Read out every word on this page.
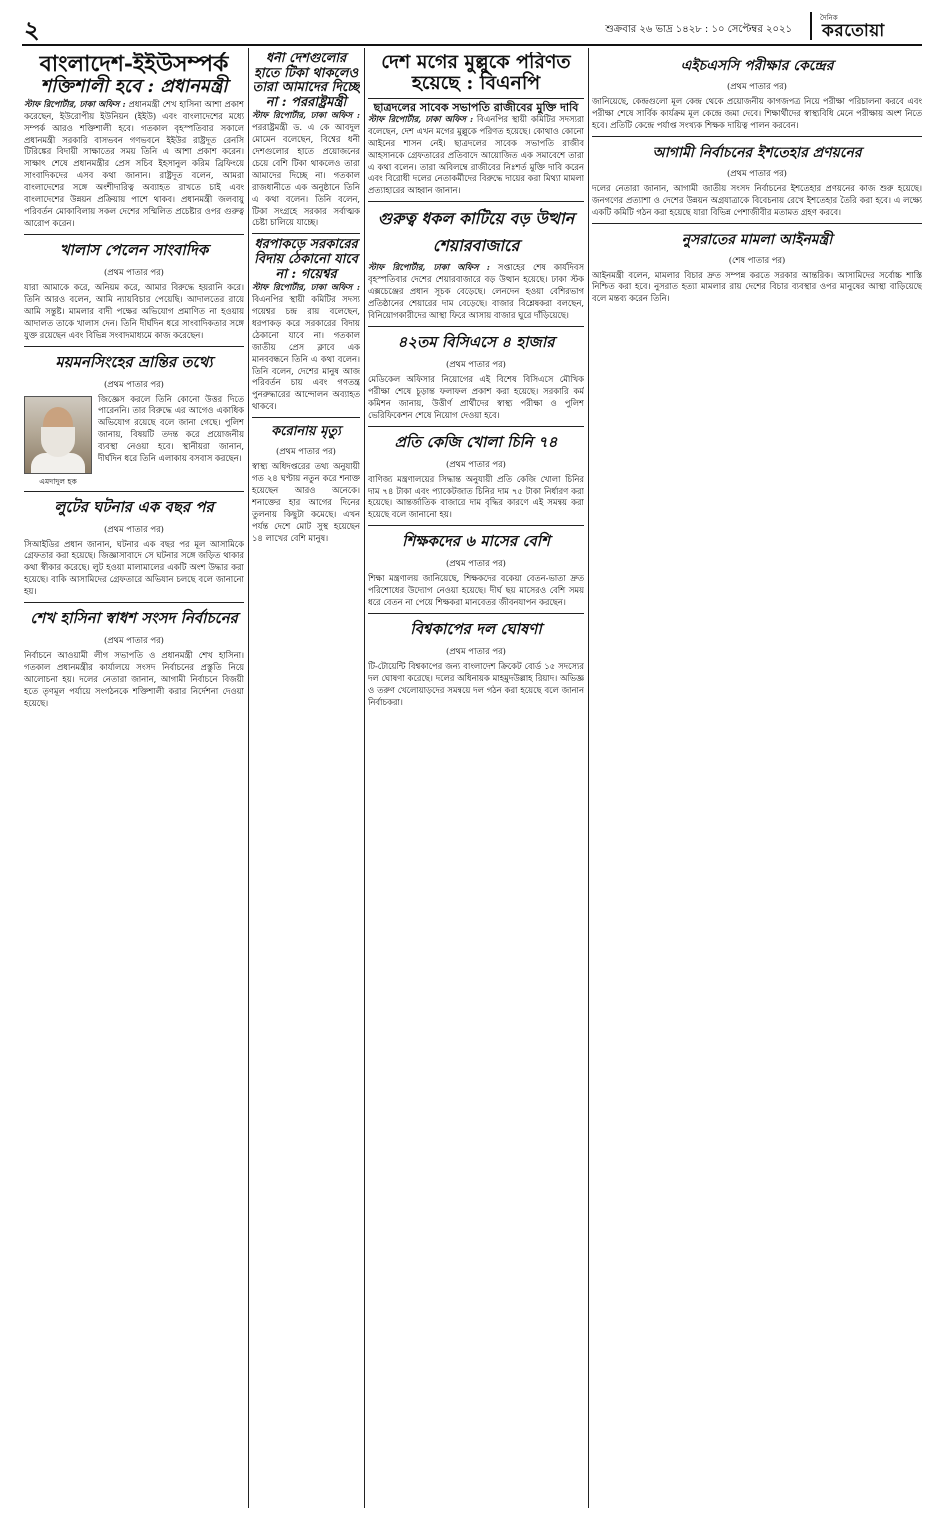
২	শুক্রবার ২৬ ভাদ্র ১৪২৮ : ১০ সেপ্টেম্বর ২০২১
দৈনিক
করতোয়া
বাংলাদেশ-ইইউসম্পর্ক
শক্তিশালী হবে : প্রধানমন্ত্রী

স্টাফ রিপোর্টার, ঢাকা অফিস : প্রধানমন্ত্রী শেখ হাসিনা আশা প্রকাশ করেছেন, ইউরোপীয় ইউনিয়ন (ইইউ) এবং বাংলাদেশের মধ্যে সম্পর্ক আরও শক্তিশালী হবে। গতকাল বৃহস্পতিবার সকালে প্রধানমন্ত্রী সরকারি বাসভবন গণভবনে ইইউর রাষ্ট্রদূত রেনসি টিরিঙ্কের বিদায়ী সাক্ষাতের সময় তিনি এ আশা প্রকাশ করেন। সাক্ষাৎ শেষে প্রধানমন্ত্রীর প্রেস সচিব ইহসানুল করিম ব্রিফিংয়ে সাংবাদিকদের এসব কথা জানান। রাষ্ট্রদূত বলেন, আমরা বাংলাদেশের সঙ্গে অংশীদারিত্ব অব্যাহত রাখতে চাই এবং বাংলাদেশের উন্নয়ন প্রক্রিয়ায় পাশে থাকব। প্রধানমন্ত্রী জলবায়ু পরিবর্তন মোকাবিলায় সকল দেশের সম্মিলিত প্রচেষ্টার ওপর গুরুত্ব আরোপ করেন।

খালাস পেলেন সাংবাদিক
(প্রথম পাতার পর)

যারা আমাকে করে, অনিয়ম করে, আমার বিরুদ্ধে হয়রানি করে। তিনি আরও বলেন, আমি ন্যায়বিচার পেয়েছি। আদালতের রায়ে আমি সন্তুষ্ট। মামলার বাদী পক্ষের অভিযোগ প্রমাণিত না হওয়ায় আদালত তাকে খালাস দেন। তিনি দীর্ঘদিন ধরে সাংবাদিকতার সঙ্গে যুক্ত রয়েছেন এবং বিভিন্ন সংবাদমাধ্যমে কাজ করেছেন।

ময়মনসিংহের ভ্রান্তির তথ্যে
(প্রথম পাতার পর)
এমদাদুল হক

জিজ্ঞেস করলে তিনি কোনো উত্তর দিতে পারেননি। তার বিরুদ্ধে এর আগেও একাধিক অভিযোগ রয়েছে বলে জানা গেছে। পুলিশ জানায়, বিষয়টি তদন্ত করে প্রয়োজনীয় ব্যবস্থা নেওয়া হবে। স্থানীয়রা জানান, দীর্ঘদিন ধরে তিনি এলাকায় বসবাস করছেন।

লুটের ঘটনার এক বছর পর
(প্রথম পাতার পর)

সিআইডির প্রধান জানান, ঘটনার এক বছর পর মূল আসামিকে গ্রেফতার করা হয়েছে। জিজ্ঞাসাবাদে সে ঘটনার সঙ্গে জড়িত থাকার কথা স্বীকার করেছে। লুট হওয়া মালামালের একটি অংশ উদ্ধার করা হয়েছে। বাকি আসামিদের গ্রেফতারে অভিযান চলছে বলে জানানো হয়।

শেখ হাসিনা স্বাধশ সংসদ নির্বাচনের
(প্রথম পাতার পর)

নির্বাচনে আওয়ামী লীগ সভাপতি ও প্রধানমন্ত্রী শেখ হাসিনা। গতকাল প্রধানমন্ত্রীর কার্যালয়ে সংসদ নির্বাচনের প্রস্তুতি নিয়ে আলোচনা হয়। দলের নেতারা জানান, আগামী নির্বাচনে বিজয়ী হতে তৃণমূল পর্যায়ে সংগঠনকে শক্তিশালী করার নির্দেশনা দেওয়া হয়েছে।

ধনী দেশগুলোর হাতে টিকা থাকলেও তারা আমাদের দিচ্ছে না : পররাষ্ট্রমন্ত্রী

স্টাফ রিপোর্টার, ঢাকা অফিস : পররাষ্ট্রমন্ত্রী ড. এ কে আবদুল মোমেন বলেছেন, বিশ্বের ধনী দেশগুলোর হাতে প্রয়োজনের চেয়ে বেশি টিকা থাকলেও তারা আমাদের দিচ্ছে না। গতকাল রাজধানীতে এক অনুষ্ঠানে তিনি এ কথা বলেন। তিনি বলেন, টিকা সংগ্রহে সরকার সর্বাত্মক চেষ্টা চালিয়ে যাচ্ছে।

ধরপাকড়ে সরকারের বিদায় ঠেকানো যাবে না : গয়েশ্বর

স্টাফ রিপোর্টার, ঢাকা অফিস : বিএনপির স্থায়ী কমিটির সদস্য গয়েশ্বর চন্দ্র রায় বলেছেন, ধরপাকড় করে সরকারের বিদায় ঠেকানো যাবে না। গতকাল জাতীয় প্রেস ক্লাবে এক মানববন্ধনে তিনি এ কথা বলেন। তিনি বলেন, দেশের মানুষ আজ পরিবর্তন চায় এবং গণতন্ত্র পুনরুদ্ধারের আন্দোলন অব্যাহত থাকবে।

করোনায় মৃত্যু
(প্রথম পাতার পর)

স্বাস্থ্য অধিদপ্তরের তথ্য অনুযায়ী গত ২৪ ঘণ্টায় নতুন করে শনাক্ত হয়েছেন আরও অনেকে। শনাক্তের হার আগের দিনের তুলনায় কিছুটা কমেছে। এখন পর্যন্ত দেশে মোট সুস্থ হয়েছেন ১৪ লাখের বেশি মানুষ।

দেশ মগের মুল্লুকে পরিণত হয়েছে : বিএনপি
ছাত্রদলের সাবেক সভাপতি রাজীবের মুক্তি দাবি

স্টাফ রিপোর্টার, ঢাকা অফিস : বিএনপির স্থায়ী কমিটির সদস্যরা বলেছেন, দেশ এখন মগের মুল্লুকে পরিণত হয়েছে। কোথাও কোনো আইনের শাসন নেই। ছাত্রদলের সাবেক সভাপতি রাজীব আহসানকে গ্রেফতারের প্রতিবাদে আয়োজিত এক সমাবেশে তারা এ কথা বলেন। তারা অবিলম্বে রাজীবের নিঃশর্ত মুক্তি দাবি করেন এবং বিরোধী দলের নেতাকর্মীদের বিরুদ্ধে দায়ের করা মিথ্যা মামলা প্রত্যাহারের আহ্বান জানান।

গুরুত্ব ধকল কাটিয়ে বড় উত্থান শেয়ারবাজারে

স্টাফ রিপোর্টার, ঢাকা অফিস : সপ্তাহের শেষ কার্যদিবস বৃহস্পতিবার দেশের শেয়ারবাজারে বড় উত্থান হয়েছে। ঢাকা স্টক এক্সচেঞ্জের প্রধান সূচক বেড়েছে। লেনদেন হওয়া বেশিরভাগ প্রতিষ্ঠানের শেয়ারের দাম বেড়েছে। বাজার বিশ্লেষকরা বলছেন, বিনিয়োগকারীদের আস্থা ফিরে আসায় বাজার ঘুরে দাঁড়িয়েছে।

৪২তম বিসিএসে ৪ হাজার
(প্রথম পাতার পর)

মেডিকেল অফিসার নিয়োগের এই বিশেষ বিসিএসে মৌখিক পরীক্ষা শেষে চূড়ান্ত ফলাফল প্রকাশ করা হয়েছে। সরকারি কর্ম কমিশন জানায়, উত্তীর্ণ প্রার্থীদের স্বাস্থ্য পরীক্ষা ও পুলিশ ভেরিফিকেশন শেষে নিয়োগ দেওয়া হবে।

প্রতি কেজি খোলা চিনি ৭৪
(প্রথম পাতার পর)

বাণিজ্য মন্ত্রণালয়ের সিদ্ধান্ত অনুযায়ী প্রতি কেজি খোলা চিনির দাম ৭৪ টাকা এবং প্যাকেটজাত চিনির দাম ৭৫ টাকা নির্ধারণ করা হয়েছে। আন্তর্জাতিক বাজারে দাম বৃদ্ধির কারণে এই সমন্বয় করা হয়েছে বলে জানানো হয়।

শিক্ষকদের ৬ মাসের বেশি
(প্রথম পাতার পর)

শিক্ষা মন্ত্রণালয় জানিয়েছে, শিক্ষকদের বকেয়া বেতন-ভাতা দ্রুত পরিশোধের উদ্যোগ নেওয়া হয়েছে। দীর্ঘ ছয় মাসেরও বেশি সময় ধরে বেতন না পেয়ে শিক্ষকরা মানবেতর জীবনযাপন করছেন।

বিশ্বকাপের দল ঘোষণা
(প্রথম পাতার পর)

টি-টোয়েন্টি বিশ্বকাপের জন্য বাংলাদেশ ক্রিকেট বোর্ড ১৫ সদস্যের দল ঘোষণা করেছে। দলের অধিনায়ক মাহমুদউল্লাহ রিয়াদ। অভিজ্ঞ ও তরুণ খেলোয়াড়দের সমন্বয়ে দল গঠন করা হয়েছে বলে জানান নির্বাচকরা।

এইচএসসি পরীক্ষার কেন্দ্রের
(প্রথম পাতার পর)

জানিয়েছে, কেন্দ্রগুলো মূল কেন্দ্র থেকে প্রয়োজনীয় কাগজপত্র নিয়ে পরীক্ষা পরিচালনা করবে এবং পরীক্ষা শেষে সার্বিক কার্যক্রম মূল কেন্দ্রে জমা দেবে। শিক্ষার্থীদের স্বাস্থ্যবিধি মেনে পরীক্ষায় অংশ নিতে হবে। প্রতিটি কেন্দ্রে পর্যাপ্ত সংখ্যক শিক্ষক দায়িত্ব পালন করবেন।

আগামী নির্বাচনের ইশতেহার প্রণয়নের
(প্রথম পাতার পর)

দলের নেতারা জানান, আগামী জাতীয় সংসদ নির্বাচনের ইশতেহার প্রণয়নের কাজ শুরু হয়েছে। জনগণের প্রত্যাশা ও দেশের উন্নয়ন অগ্রযাত্রাকে বিবেচনায় রেখে ইশতেহার তৈরি করা হবে। এ লক্ষ্যে একটি কমিটি গঠন করা হয়েছে যারা বিভিন্ন পেশাজীবীর মতামত গ্রহণ করবে।

নুসরাতের মামলা আইনমন্ত্রী
(শেষ পাতার পর)

আইনমন্ত্রী বলেন, মামলার বিচার দ্রুত সম্পন্ন করতে সরকার আন্তরিক। আসামিদের সর্বোচ্চ শাস্তি নিশ্চিত করা হবে। নুসরাত হত্যা মামলার রায় দেশের বিচার ব্যবস্থার ওপর মানুষের আস্থা বাড়িয়েছে বলে মন্তব্য করেন তিনি।
